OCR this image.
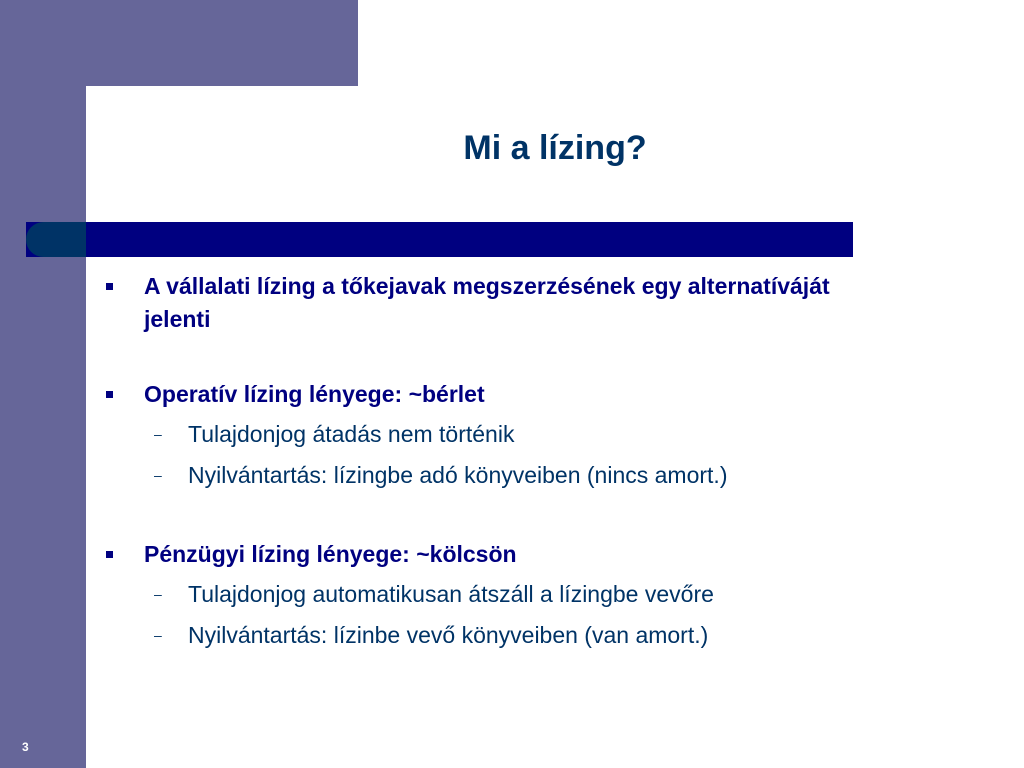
Mi a lízing?
A vállalati lízing a tőkejavak megszerzésének egy alternatíváját jelenti
Operatív lízing lényege: ~bérlet
– Tulajdonjog átadás nem történik
– Nyilvántartás: lízingbe adó könyveiben (nincs amort.)
Pénzügyi lízing lényege: ~kölcsön
– Tulajdonjog automatikusan átszáll a lízingbe vevőre
– Nyilvántartás: lízinbe vevő könyveiben (van amort.)
3
